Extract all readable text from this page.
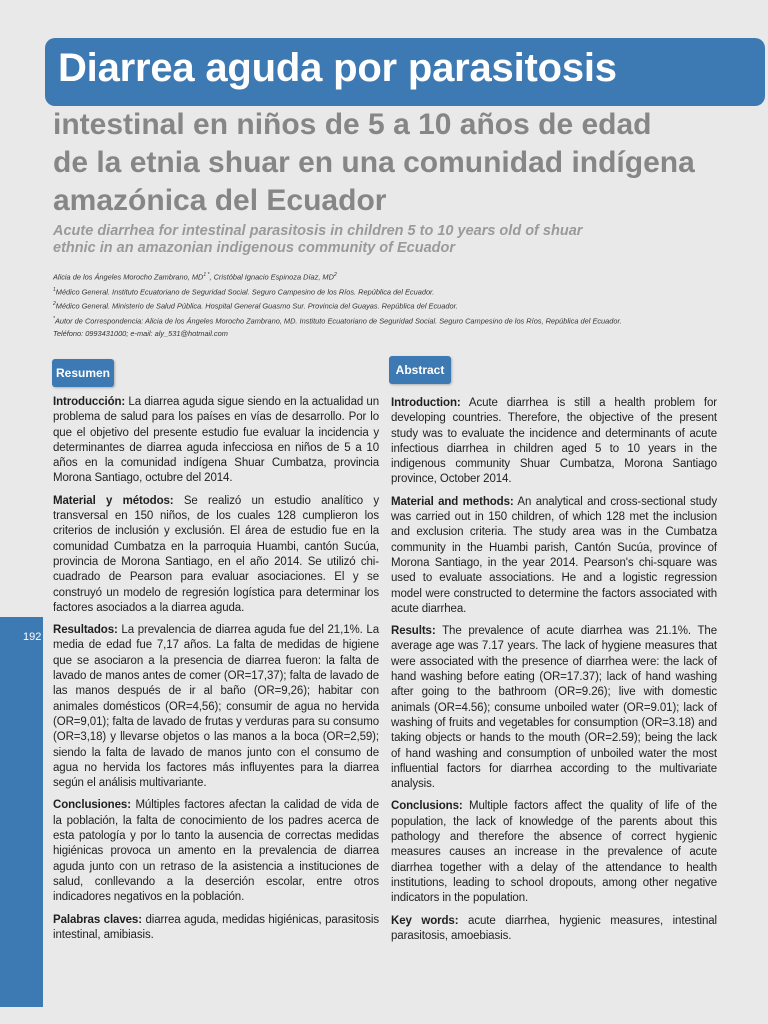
Diarrea aguda por parasitosis
intestinal en niños de 5 a 10 años de edad
de la etnia shuar en una comunidad indígena
amazónica del Ecuador
Acute diarrhea for intestinal parasitosis in children 5 to 10 years old of shuar
ethnic in an amazonian indigenous community of Ecuador
Alicia de los Ángeles Morocho Zambrano, $MD^{1 *}$, Cristóbal Ignacio Espinoza Díaz, $MD^2$
$^1$Médico General. Instituto Ecuatoriano de Seguridad Social. Seguro Campesino de los Ríos. República del Ecuador.
$^2$Médico General. Ministerio de Salud Pública. Hospital General Guasmo Sur. Provincia del Guayas. República del Ecuador.
*Autor de Correspondencia: Alicia de los Ángeles Morocho Zambrano, MD. Instituto Ecuatoriano de Seguridad Social. Seguro Campesino de los Ríos, República del Ecuador.
Teléfono: 0993431000; e-mail: aly_531@hotmail.com
Resumen	Abstract

Introducción: La diarrea aguda sigue siendo en la actualidad un problema de salud para los países en vías de desarrollo. Por lo que el objetivo del presente estudio fue evaluar la incidencia y determinantes de diarrea aguda infecciosa en niños de 5 a 10 años en la comunidad indígena Shuar Cumbatza, provincia Morona Santiago, octubre del 2014.

Material y métodos: Se realizó un estudio analítico y transversal en 150 niños, de los cuales 128 cumplieron los criterios de inclusión y exclusión. El área de estudio fue en la comunidad Cumbatza en la parroquia Huambi, cantón Sucúa, provincia de Morona Santiago, en el año 2014. Se utilizó chi-cuadrado de Pearson para evaluar asociaciones. El y se construyó un modelo de regresión logística para determinar los factores asociados a la diarrea aguda.

Resultados: La prevalencia de diarrea aguda fue del 21,1%. La media de edad fue 7,17 años. La falta de medidas de higiene que se asociaron a la presencia de diarrea fueron: la falta de lavado de manos antes de comer (OR=17,37); falta de lavado de las manos después de ir al baño (OR=9,26); habitar con animales domésticos (OR=4,56); consumir de agua no hervida (OR=9,01); falta de lavado de frutas y verduras para su consumo (OR=3,18) y llevarse objetos o las manos a la boca (OR=2,59); siendo la falta de lavado de manos junto con el consumo de agua no hervida los factores más influyentes para la diarrea según el análisis multivariante.

Conclusiones: Múltiples factores afectan la calidad de vida de la población, la falta de conocimiento de los padres acerca de esta patología y por lo tanto la ausencia de correctas medidas higiénicas provoca un amento en la prevalencia de diarrea aguda junto con un retraso de la asistencia a instituciones de salud, conllevando a la deserción escolar, entre otros indicadores negativos en la población.

Palabras claves: diarrea aguda, medidas higiénicas, parasitosis intestinal, amibiasis.

Introduction: Acute diarrhea is still a health problem for developing countries. Therefore, the objective of the present study was to evaluate the incidence and determinants of acute infectious diarrhea in children aged 5 to 10 years in the indigenous community Shuar Cumbatza, Morona Santiago province, October 2014.

Material and methods: An analytical and cross-sectional study was carried out in 150 children, of which 128 met the inclusion and exclusion criteria. The study area was in the Cumbatza community in the Huambi parish, Cantón Sucúa, province of Morona Santiago, in the year 2014. Pearson's chi-square was used to evaluate associations. He and a logistic regression model were constructed to determine the factors associated with acute diarrhea.

Results: The prevalence of acute diarrhea was 21.1%. The average age was 7.17 years. The lack of hygiene measures that were associated with the presence of diarrhea were: the lack of hand washing before eating (OR=17.37); lack of hand washing after going to the bathroom (OR=9.26); live with domestic animals (OR=4.56); consume unboiled water (OR=9.01); lack of washing of fruits and vegetables for consumption (OR=3.18) and taking objects or hands to the mouth (OR=2.59); being the lack of hand washing and consumption of unboiled water the most influential factors for diarrhea according to the multivariate analysis.

Conclusions: Multiple factors affect the quality of life of the population, the lack of knowledge of the parents about this pathology and therefore the absence of correct hygienic measures causes an increase in the prevalence of acute diarrhea together with a delay of the attendance to health institutions, leading to school dropouts, among other negative indicators in the population.

Key words: acute diarrhea, hygienic measures, intestinal parasitosis, amoebiasis.

192
